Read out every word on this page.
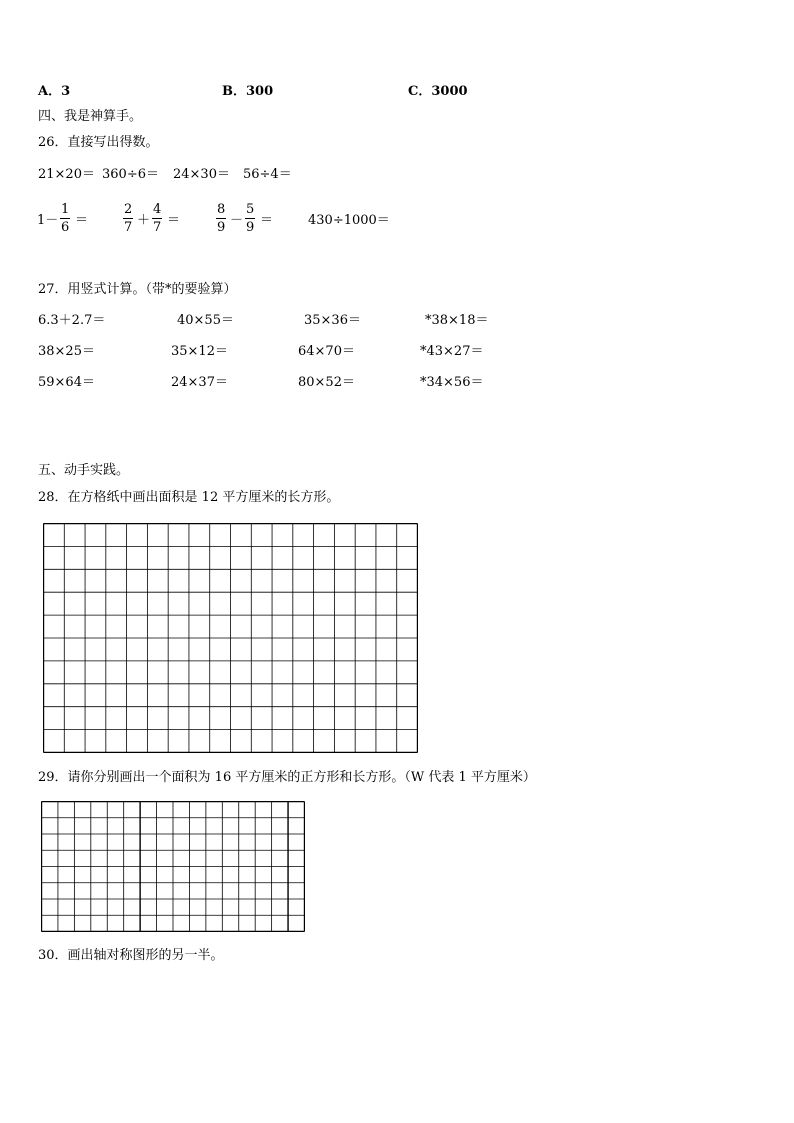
A．3	B．300	C．3000
四、我是神算手。
26．直接写出得数。
21×20＝ 360÷6＝ 24×30＝ 56÷4＝
1－
1
6 ＝
2
7 ＋
4
7 ＝
8
9 －
5
9 ＝	430÷1000＝
27．用竖式计算。（带*的要验算）
6.3＋2.7＝	40×55＝	35×36＝	*38×18＝
38×25＝	35×12＝	64×70＝	*43×27＝
59×64＝	24×37＝	80×52＝	*34×56＝
五、动手实践。
28．在方格纸中画出面积是 12 平方厘米的长方形。
29．请你分别画出一个面积为 16 平方厘米的正方形和长方形。（W 代表 1 平方厘米）
30．画出轴对称图形的另一半。
